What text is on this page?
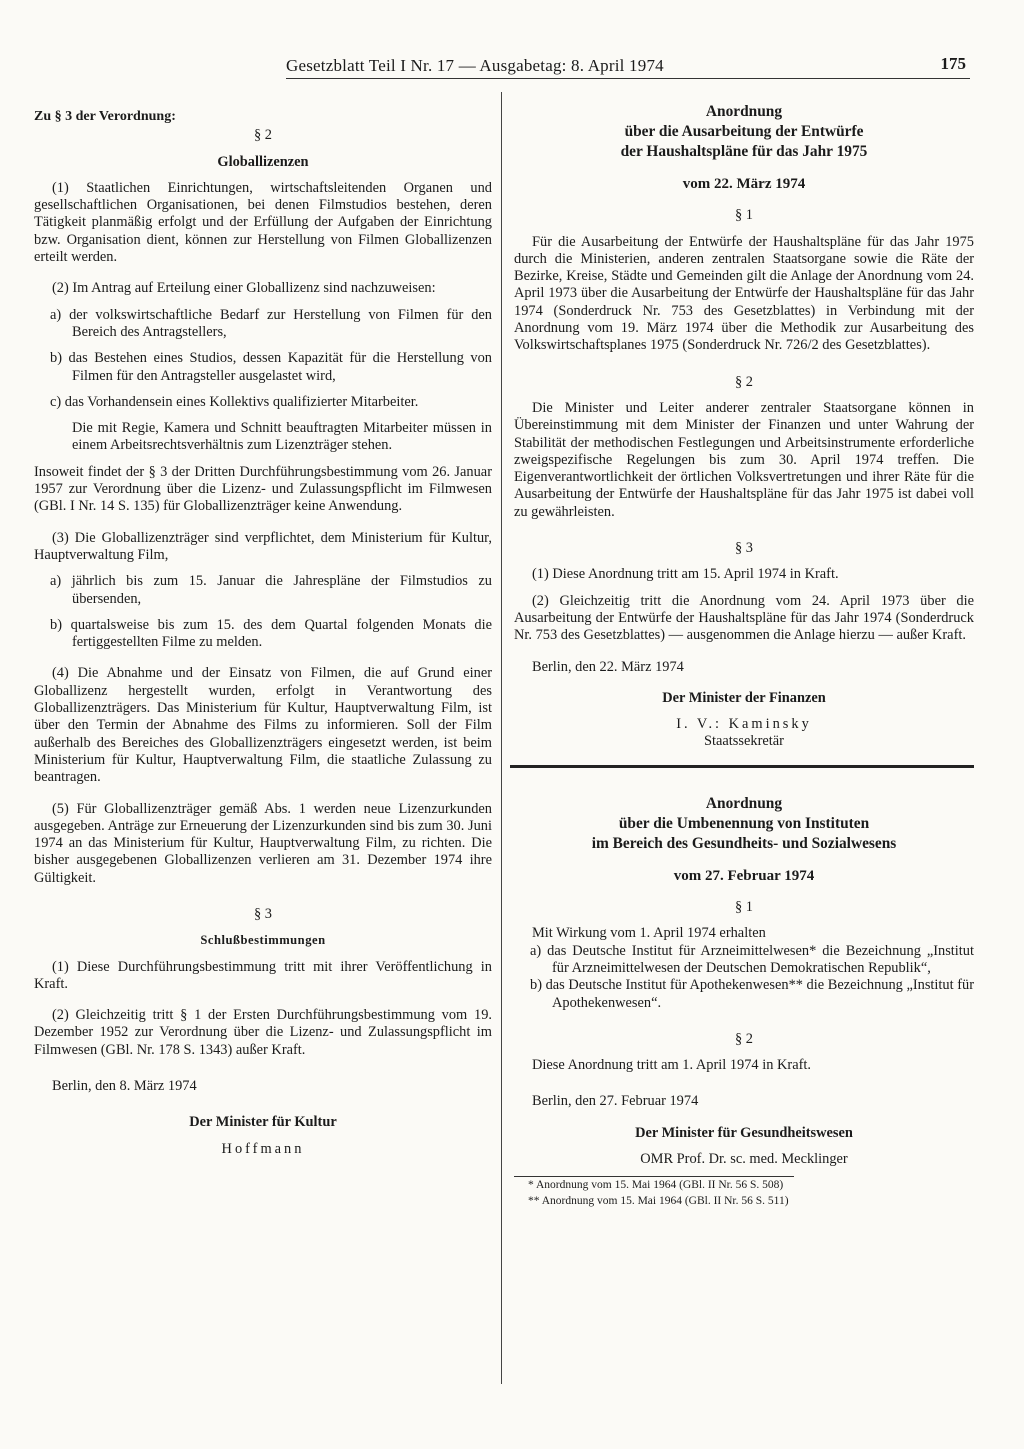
Gesetzblatt Teil I Nr. 17 — Ausgabetag: 8. April 1974	175

Zu § 3 der Verordnung:

§ 2

Globallizenzen

(1) Staatlichen Einrichtungen, wirtschaftsleitenden Organen und gesellschaftlichen Organisationen, bei denen Filmstudios bestehen, deren Tätigkeit planmäßig erfolgt und der Erfüllung der Aufgaben der Einrichtung bzw. Organisation dient, können zur Herstellung von Filmen Globallizenzen erteilt werden.

(2) Im Antrag auf Erteilung einer Globallizenz sind nachzuweisen:

a) der volkswirtschaftliche Bedarf zur Herstellung von Filmen für den Bereich des Antragstellers,

b) das Bestehen eines Studios, dessen Kapazität für die Herstellung von Filmen für den Antragsteller ausgelastet wird,

c) das Vorhandensein eines Kollektivs qualifizierter Mitarbeiter.

Die mit Regie, Kamera und Schnitt beauftragten Mitarbeiter müssen in einem Arbeitsrechtsverhältnis zum Lizenzträger stehen.

Insoweit findet der § 3 der Dritten Durchführungsbestimmung vom 26. Januar 1957 zur Verordnung über die Lizenz- und Zulassungspflicht im Filmwesen (GBl. I Nr. 14 S. 135) für Globallizenzträger keine Anwendung.

(3) Die Globallizenzträger sind verpflichtet, dem Ministerium für Kultur, Hauptverwaltung Film,

a) jährlich bis zum 15. Januar die Jahrespläne der Filmstudios zu übersenden,

b) quartalsweise bis zum 15. des dem Quartal folgenden Monats die fertiggestellten Filme zu melden.

(4) Die Abnahme und der Einsatz von Filmen, die auf Grund einer Globallizenz hergestellt wurden, erfolgt in Verantwortung des Globallizenzträgers. Das Ministerium für Kultur, Hauptverwaltung Film, ist über den Termin der Abnahme des Films zu informieren. Soll der Film außerhalb des Bereiches des Globallizenzträgers eingesetzt werden, ist beim Ministerium für Kultur, Hauptverwaltung Film, die staatliche Zulassung zu beantragen.

(5) Für Globallizenzträger gemäß Abs. 1 werden neue Lizenzurkunden ausgegeben. Anträge zur Erneuerung der Lizenzurkunden sind bis zum 30. Juni 1974 an das Ministerium für Kultur, Hauptverwaltung Film, zu richten. Die bisher ausgegebenen Globallizenzen verlieren am 31. Dezember 1974 ihre Gültigkeit.

§ 3

Schlußbestimmungen

(1) Diese Durchführungsbestimmung tritt mit ihrer Veröffentlichung in Kraft.

(2) Gleichzeitig tritt § 1 der Ersten Durchführungsbestimmung vom 19. Dezember 1952 zur Verordnung über die Lizenz- und Zulassungspflicht im Filmwesen (GBl. Nr. 178 S. 1343) außer Kraft.

Berlin, den 8. März 1974

Der Minister für Kultur

Hoffmann

Anordnung

über die Ausarbeitung der Entwürfe

der Haushaltspläne für das Jahr 1975

vom 22. März 1974

§ 1

Für die Ausarbeitung der Entwürfe der Haushaltspläne für das Jahr 1975 durch die Ministerien, anderen zentralen Staatsorgane sowie die Räte der Bezirke, Kreise, Städte und Gemeinden gilt die Anlage der Anordnung vom 24. April 1973 über die Ausarbeitung der Entwürfe der Haushaltspläne für das Jahr 1974 (Sonderdruck Nr. 753 des Gesetzblattes) in Verbindung mit der Anordnung vom 19. März 1974 über die Methodik zur Ausarbeitung des Volkswirtschaftsplanes 1975 (Sonderdruck Nr. 726/2 des Gesetzblattes).

§ 2

Die Minister und Leiter anderer zentraler Staatsorgane können in Übereinstimmung mit dem Minister der Finanzen und unter Wahrung der Stabilität der methodischen Festlegungen und Arbeitsinstrumente erforderliche zweigspezifische Regelungen bis zum 30. April 1974 treffen. Die Eigenverantwortlichkeit der örtlichen Volksvertretungen und ihrer Räte für die Ausarbeitung der Entwürfe der Haushaltspläne für das Jahr 1975 ist dabei voll zu gewährleisten.

§ 3

(1) Diese Anordnung tritt am 15. April 1974 in Kraft.

(2) Gleichzeitig tritt die Anordnung vom 24. April 1973 über die Ausarbeitung der Entwürfe der Haushaltspläne für das Jahr 1974 (Sonderdruck Nr. 753 des Gesetzblattes) — ausgenommen die Anlage hierzu — außer Kraft.

Berlin, den 22. März 1974

Der Minister der Finanzen

I. V.: Kaminsky

Staatssekretär

Anordnung

über die Umbenennung von Instituten

im Bereich des Gesundheits- und Sozialwesens

vom 27. Februar 1974

§ 1

Mit Wirkung vom 1. April 1974 erhalten

a) das Deutsche Institut für Arzneimittelwesen* die Bezeichnung „Institut für Arzneimittelwesen der Deutschen Demokratischen Republik“,

b) das Deutsche Institut für Apothekenwesen** die Bezeichnung „Institut für Apothekenwesen“.

§ 2

Diese Anordnung tritt am 1. April 1974 in Kraft.

Berlin, den 27. Februar 1974

Der Minister für Gesundheitswesen

OMR Prof. Dr. sc. med. Mecklinger

* Anordnung vom 15. Mai 1964 (GBl. II Nr. 56 S. 508)

** Anordnung vom 15. Mai 1964 (GBl. II Nr. 56 S. 511)
